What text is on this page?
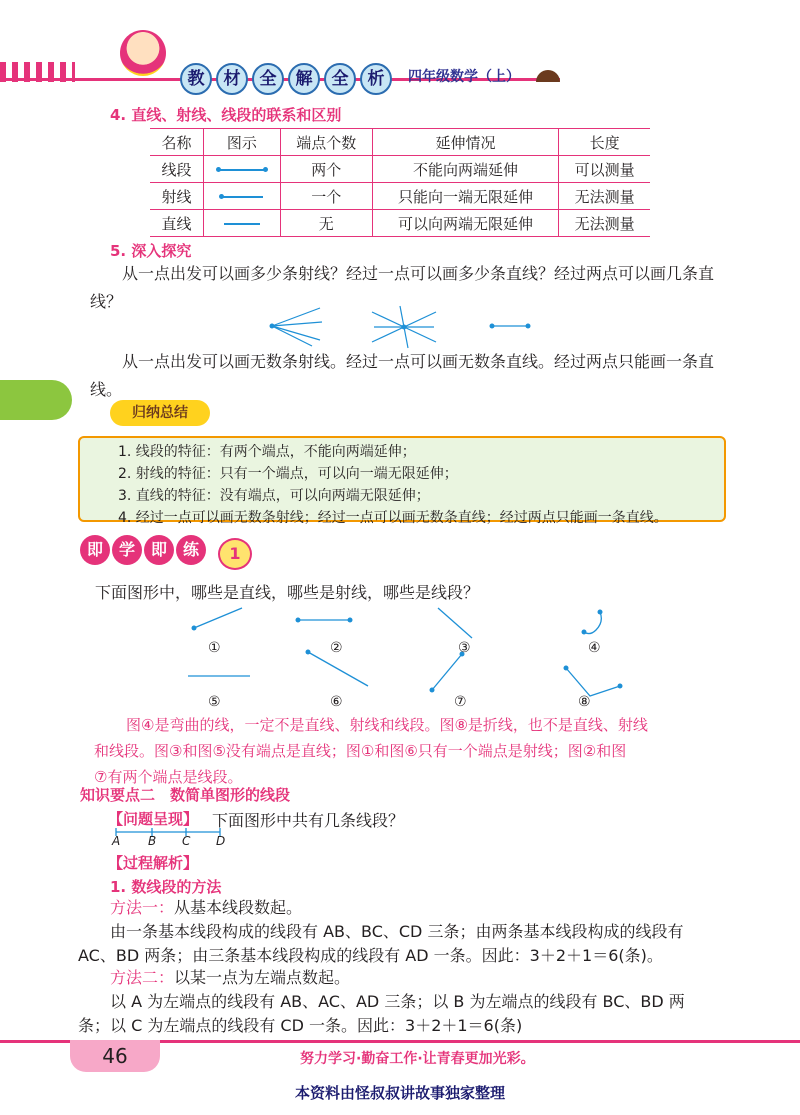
教	材	全	解	全	析	四年级数学（上）
4. 直线、射线、线段的联系和区别
名称	图示	端点个数	延伸情况	长度
线段		两个	不能向两端延伸	可以测量
射线		一个	只能向一端无限延伸	无法测量
直线		无	可以向两端无限延伸	无法测量
5. 深入探究
从一点出发可以画多少条射线？经过一点可以画多少条直线？经过两点可以画几条直线？
从一点出发可以画无数条射线。经过一点可以画无数条直线。经过两点只能画一条直线。
归纳总结
1. 线段的特征：有两个端点，不能向两端延伸；
2. 射线的特征：只有一个端点，可以向一端无限延伸；
3. 直线的特征：没有端点，可以向两端无限延伸；
4. 经过一点可以画无数条射线；经过一点可以画无数条直线；经过两点只能画一条直线。
即 学 即 练	1
下面图形中，哪些是直线，哪些是射线，哪些是线段？
①	②	③	④
⑤	⑥	⑦	⑧
图④是弯曲的线，一定不是直线、射线和线段。图⑧是折线，也不是直线、射线
和线段。图③和图⑤没有端点是直线；图①和图⑥只有一个端点是射线；图②和图
⑦有两个端点是线段。
知识要点二　数简单图形的线段
【问题呈现】 下面图形中共有几条线段？
A B C D
【过程解析】
1. 数线段的方法
方法一：从基本线段数起。
由一条基本线段构成的线段有 AB、BC、CD 三条；由两条基本线段构成的线段有
AC、BD 两条；由三条基本线段构成的线段有 AD 一条。因此：3＋2＋1＝6(条)。
方法二：以某一点为左端点数起。
以 A 为左端点的线段有 AB、AC、AD 三条；以 B 为左端点的线段有 BC、BD 两
条；以 C 为左端点的线段有 CD 一条。因此：3＋2＋1＝6(条)
46	努力学习·勤奋工作·让青春更加光彩。
本资料由怪叔叔讲故事独家整理
